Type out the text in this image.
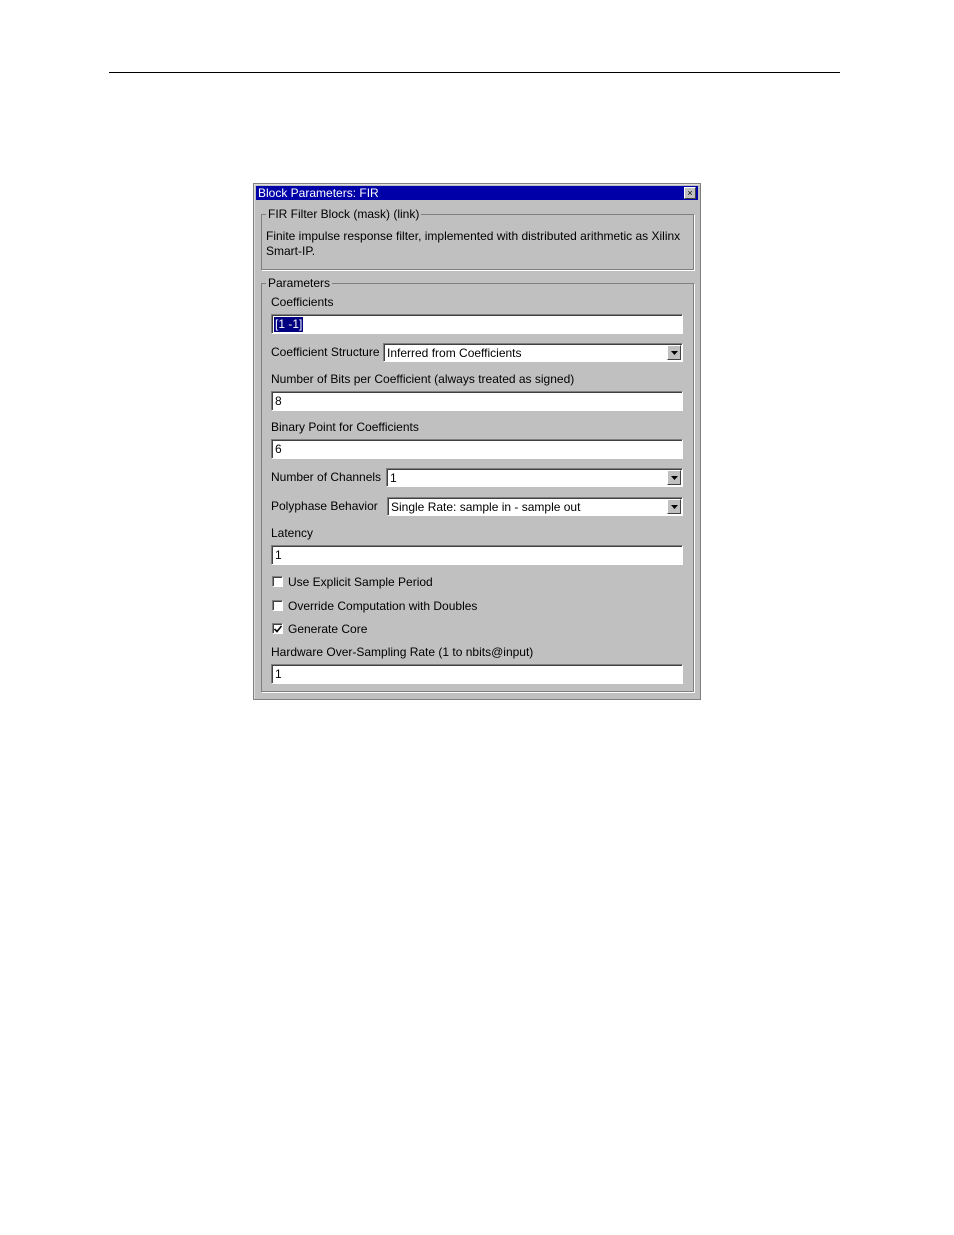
Block Parameters: FIR	×
FIR Filter Block (mask) (link)
Finite impulse response filter, implemented with distributed arithmetic as Xilinx Smart-IP.
Parameters
Coefficients
[1 -1]
Coefficient Structure Inferred from Coefficients
Number of Bits per Coefficient (always treated as signed)
8
Binary Point for Coefficients
6
Number of Channels 1
Polyphase Behavior Single Rate: sample in - sample out
Latency
1
Use Explicit Sample Period
Override Computation with Doubles
Generate Core
Hardware Over-Sampling Rate (1 to nbits@input)
1
